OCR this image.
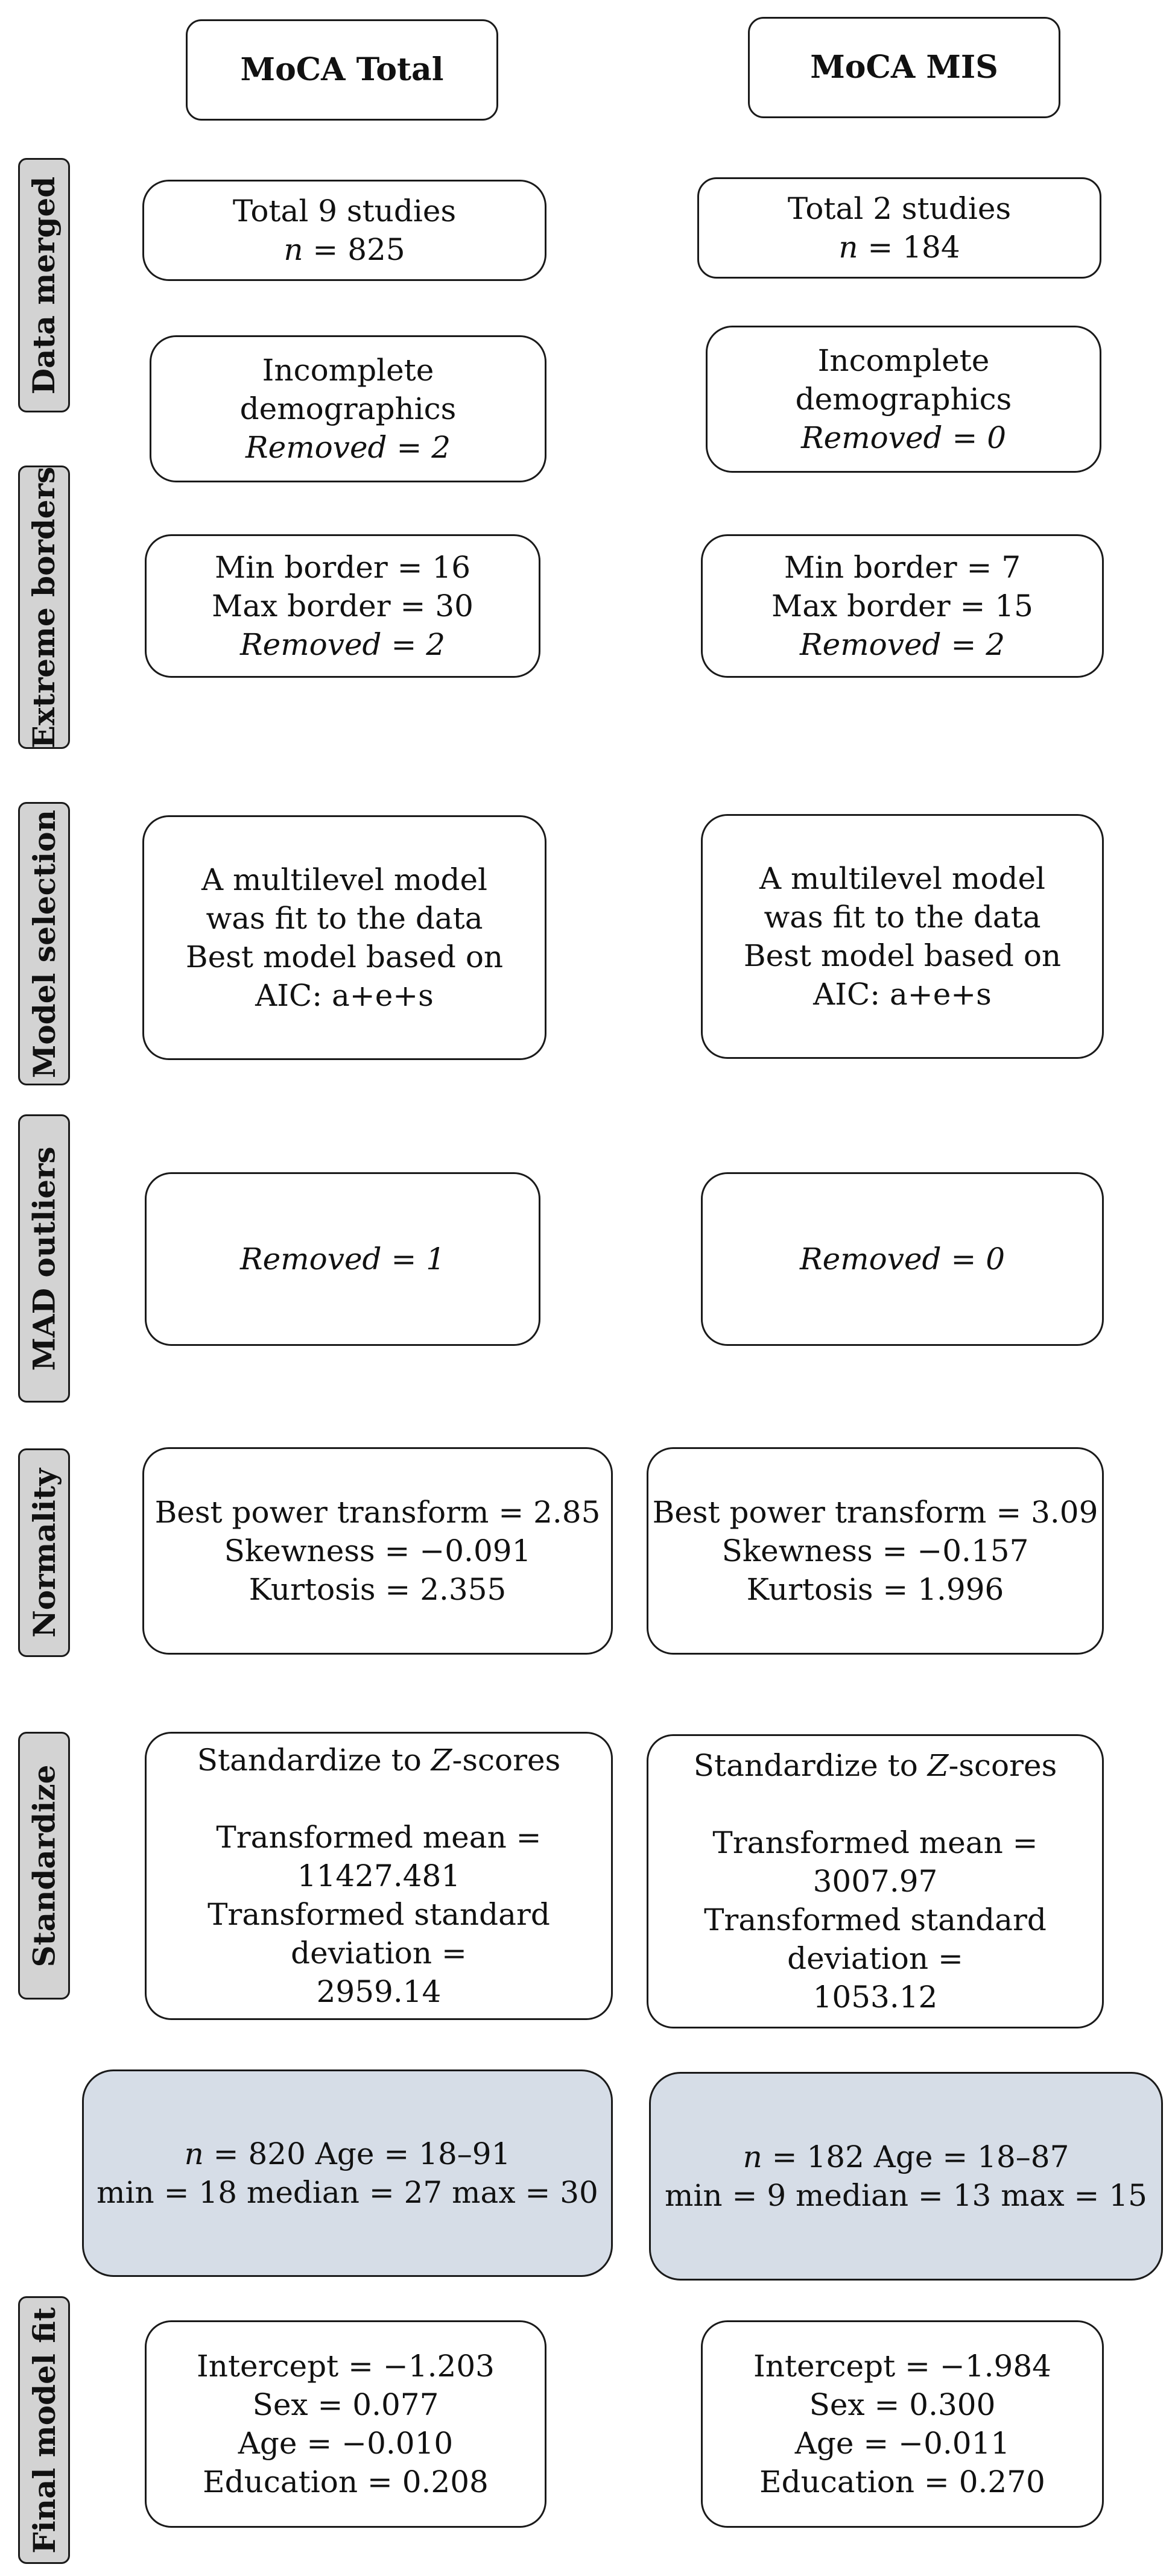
MoCA Total	MoCA MIS
Data merged
Extreme borders
Model selection
MAD outliers
Normality
Standardize
Final model fit
Total 9 studies
n = 825
Incomplete
demographics
Removed = 2
Min border = 16
Max border = 30
Removed = 2
A multilevel model
was fit to the data
Best model based on
AIC: a+e+s
Removed = 1
Best power transform = 2.85
Skewness = −0.091
Kurtosis = 2.355
Standardize to Z-scores

Transformed mean =
11427.481
Transformed standard
deviation =
2959.14
n = 820 Age = 18–91
min = 18 median = 27 max = 30
Intercept = −1.203
Sex = 0.077
Age = −0.010
Education = 0.208
Total 2 studies
n = 184
Incomplete
demographics
Removed = 0
Min border = 7
Max border = 15
Removed = 2
A multilevel model
was fit to the data
Best model based on
AIC: a+e+s
Removed = 0
Best power transform = 3.09
Skewness = −0.157
Kurtosis = 1.996
Standardize to Z-scores

Transformed mean =
3007.97
Transformed standard
deviation =
1053.12
n = 182 Age = 18–87
min = 9 median = 13 max = 15
Intercept = −1.984
Sex = 0.300
Age = −0.011
Education = 0.270
